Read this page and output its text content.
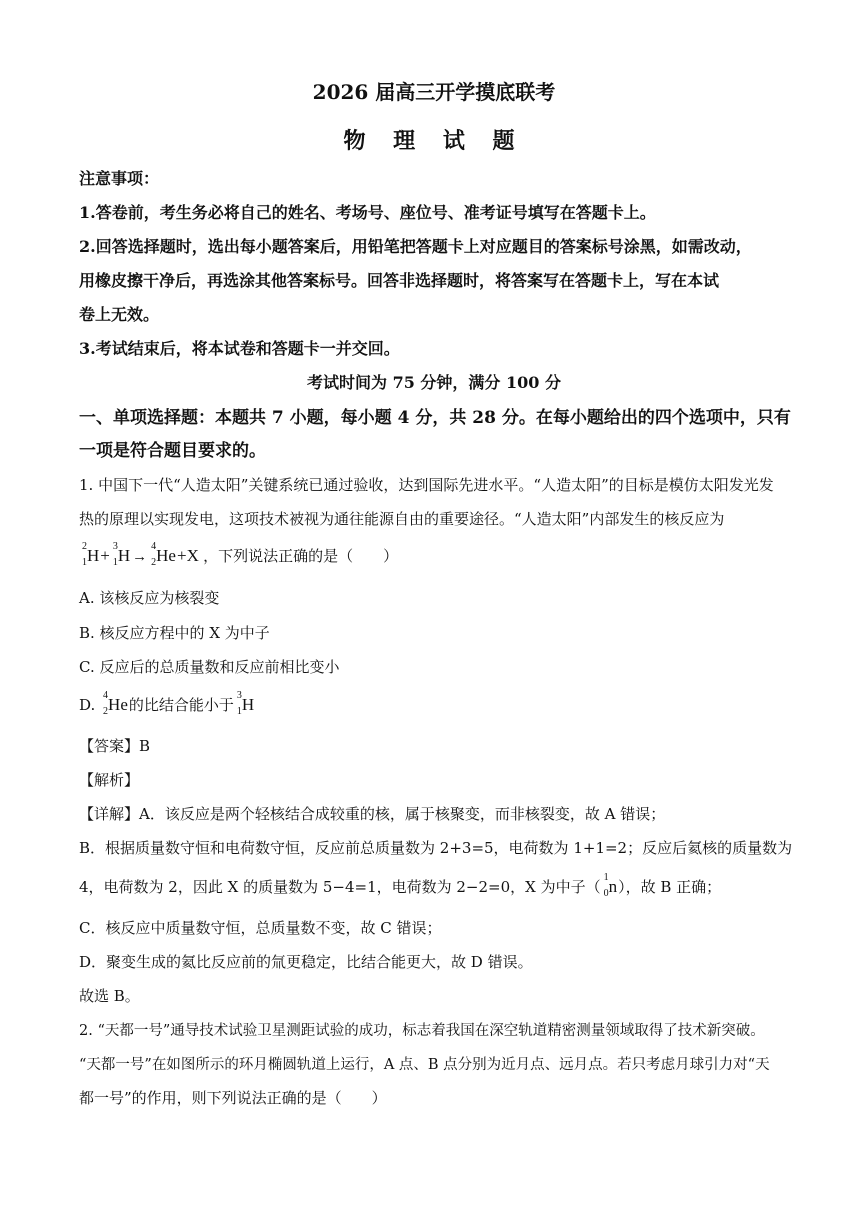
2026 届高三开学摸底联考
物 理 试 题
注意事项：
1.答卷前，考生务必将自己的姓名、考场号、座位号、准考证号填写在答题卡上。
2.回答选择题时，选出每小题答案后，用铅笔把答题卡上对应题目的答案标号涂黑，如需改动，
用橡皮擦干净后，再选涂其他答案标号。回答非选择题时，将答案写在答题卡上，写在本试
卷上无效。
3.考试结束后，将本试卷和答题卡一并交回。
考试时间为 75 分钟，满分 100 分
一、单项选择题：本题共 7 小题，每小题 4 分，共 28 分。在每小题给出的四个选项中，只有
一项是符合题目要求的。
1. 中国下一代“人造太阳”关键系统已通过验收，达到国际先进水平。“人造太阳”的目标是模仿太阳发光发
热的原理以实现发电，这项技术被视为通往能源自由的重要途径。“人造太阳”内部发生的核反应为
2
1 H+ 3
1 H →
4
2 He+X ，下列说法正确的是（　　）
A. 该核反应为核裂变
B. 核反应方程中的 X 为中子
C. 反应后的总质量数和反应前相比变小
D.
4
2 He的比结合能小于
3
1 H
【答案】B
【解析】
【详解】A．该反应是两个轻核结合成较重的核，属于核聚变，而非核裂变，故 A 错误；
B．根据质量数守恒和电荷数守恒，反应前总质量数为 2+3=5，电荷数为 1+1=2；反应后氦核的质量数为
4，电荷数为 2，因此 X 的质量数为 5−4=1，电荷数为 2−2=0，X 为中子（
1
0 n），故 B 正确；
C．核反应中质量数守恒，总质量数不变，故 C 错误；
D．聚变生成的氦比反应前的氚更稳定，比结合能更大，故 D 错误。
故选 B。
2. “天都一号”通导技术试验卫星测距试验的成功，标志着我国在深空轨道精密测量领域取得了技术新突破。
“天都一号”在如图所示的环月椭圆轨道上运行，A 点、B 点分别为近月点、远月点。若只考虑月球引力对“天
都一号”的作用，则下列说法正确的是（　　）
